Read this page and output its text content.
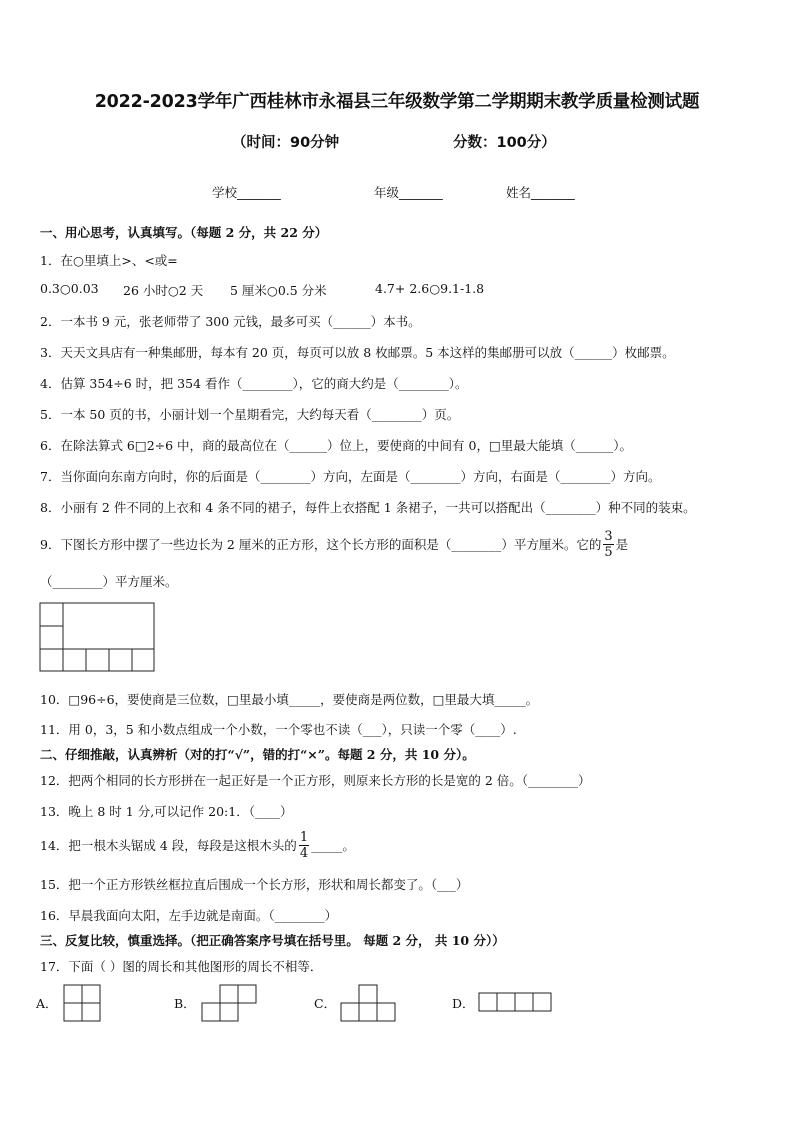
2022-2023学年广西桂林市永福县三年级数学第二学期期末教学质量检测试题
（时间：90分钟	分数：100分）
学校_______	年级_______	姓名_______
一、用心思考，认真填写。（每题 2 分，共 22 分）
1．在○里填上>、<或=
0.3○0.03 26 小时○2 天 5 厘米○0.5 分米	4.7+ 2.6○9.1-1.8
2．一本书 9 元，张老师带了 300 元钱，最多可买（______）本书。
3．天天文具店有一种集邮册，每本有 20 页，每页可以放 8 枚邮票。5 本这样的集邮册可以放（______）枚邮票。
4．估算 354÷6 时，把 354 看作（________），它的商大约是（________）。
5．一本 50 页的书，小丽计划一个星期看完，大约每天看（________）页。
6．在除法算式 6□2÷6 中，商的最高位在（______）位上，要使商的中间有 0，□里最大能填（______）。
7．当你面向东南方向时，你的后面是（________）方向，左面是（________）方向，右面是（________）方向。
8．小丽有 2 件不同的上衣和 4 条不同的裙子，每件上衣搭配 1 条裙子，一共可以搭配出（________）种不同的装束。
9．下图长方形中摆了一些边长为 2 厘米的正方形，这个长方形的面积是（________）平方厘米。它的 $\frac{3}{5}$ 是
（________）平方厘米。
10．□96÷6，要使商是三位数，□里最小填_____，要使商是两位数，□里最大填_____。
11．用 0，3，5 和小数点组成一个小数，一个零也不读（___），只读一个零（____）.
二、仔细推敲，认真辨析（对的打“√”，错的打“×”。每题 2 分，共 10 分）。
12．把两个相同的长方形拼在一起正好是一个正方形，则原来长方形的长是宽的 2 倍。（________）
13．晚上 8 时 1 分,可以记作 20:1．（____）
14．把一根木头锯成 4 段，每段是这根木头的 $\frac{1}{4}$ _____。
15．把一个正方形铁丝框拉直后围成一个长方形，形状和周长都变了。（___）
16．早晨我面向太阳，左手边就是南面。（________）
三、反复比较，慎重选择。（把正确答案序号填在括号里。 每题 2 分， 共 10 分））
17．下面（ ）图的周长和其他图形的周长不相等．
A．	B．	C．	D．
